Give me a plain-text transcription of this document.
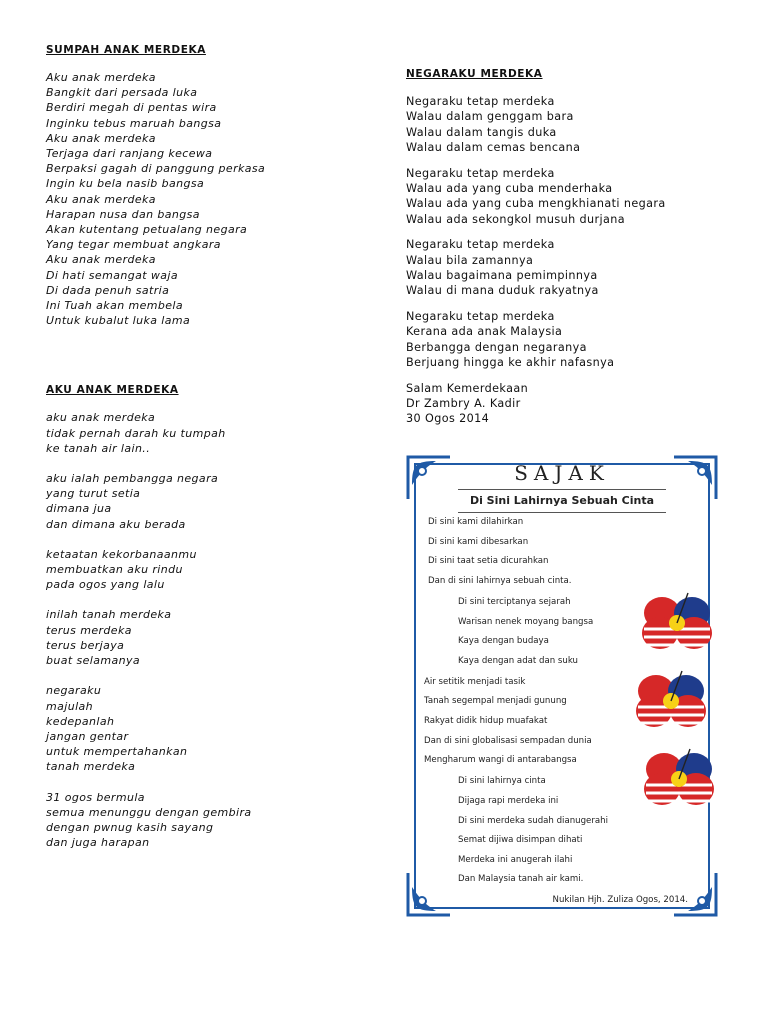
SUMPAH ANAK MERDEKA
Aku anak merdeka
Bangkit dari persada luka
Berdiri megah di pentas wira
Inginku tebus maruah bangsa
Aku anak merdeka
Terjaga dari ranjang kecewa
Berpaksi gagah di panggung perkasa
Ingin ku bela nasib bangsa
Aku anak merdeka
Harapan nusa dan bangsa
Akan kutentang petualang negara
Yang tegar membuat angkara
Aku anak merdeka
Di hati semangat waja
Di dada penuh satria
Ini Tuah akan membela
Untuk kubalut luka lama
AKU ANAK MERDEKA
aku anak merdeka
tidak pernah darah ku tumpah
ke tanah air lain..
aku ialah pembangga negara
yang turut setia
dimana jua
dan dimana aku berada
ketaatan kekorbanaanmu
membuatkan aku rindu
pada ogos yang lalu
inilah tanah merdeka
terus merdeka
terus berjaya
buat selamanya
negaraku
majulah
kedepanlah
jangan gentar
untuk mempertahankan
tanah merdeka
31 ogos bermula
semua menunggu dengan gembira
dengan pwnug kasih sayang
dan juga harapan
NEGARAKU MERDEKA
Negaraku tetap merdeka
Walau dalam genggam bara
Walau dalam tangis duka
Walau dalam cemas bencana
Negaraku tetap merdeka
Walau ada yang cuba menderhaka
Walau ada yang cuba mengkhianati negara
Walau ada sekongkol musuh durjana
Negaraku tetap merdeka
Walau bila zamannya
Walau bagaimana pemimpinnya
Walau di mana duduk rakyatnya
Negaraku tetap merdeka
Kerana ada anak Malaysia
Berbangga dengan negaranya
Berjuang hingga ke akhir nafasnya
Salam Kemerdekaan
Dr Zambry A. Kadir
30 Ogos 2014
SAJAK
Di Sini Lahirnya Sebuah Cinta
Di sini kami dilahirkan
Di sini kami dibesarkan
Di sini taat setia dicurahkan
Dan di sini lahirnya sebuah cinta.
Di sini terciptanya sejarah
Warisan nenek moyang bangsa
Kaya dengan budaya
Kaya dengan adat dan suku
Air setitik menjadi tasik
Tanah segempal menjadi gunung
Rakyat didik hidup muafakat
Dan di sini globalisasi sempadan dunia
Mengharum wangi di antarabangsa
Di sini lahirnya cinta
Dijaga rapi merdeka ini
Di sini merdeka sudah dianugerahi
Semat dijiwa disimpan dihati
Merdeka ini anugerah ilahi
Dan Malaysia tanah air kami.
Nukilan Hjh. Zuliza Ogos, 2014.
